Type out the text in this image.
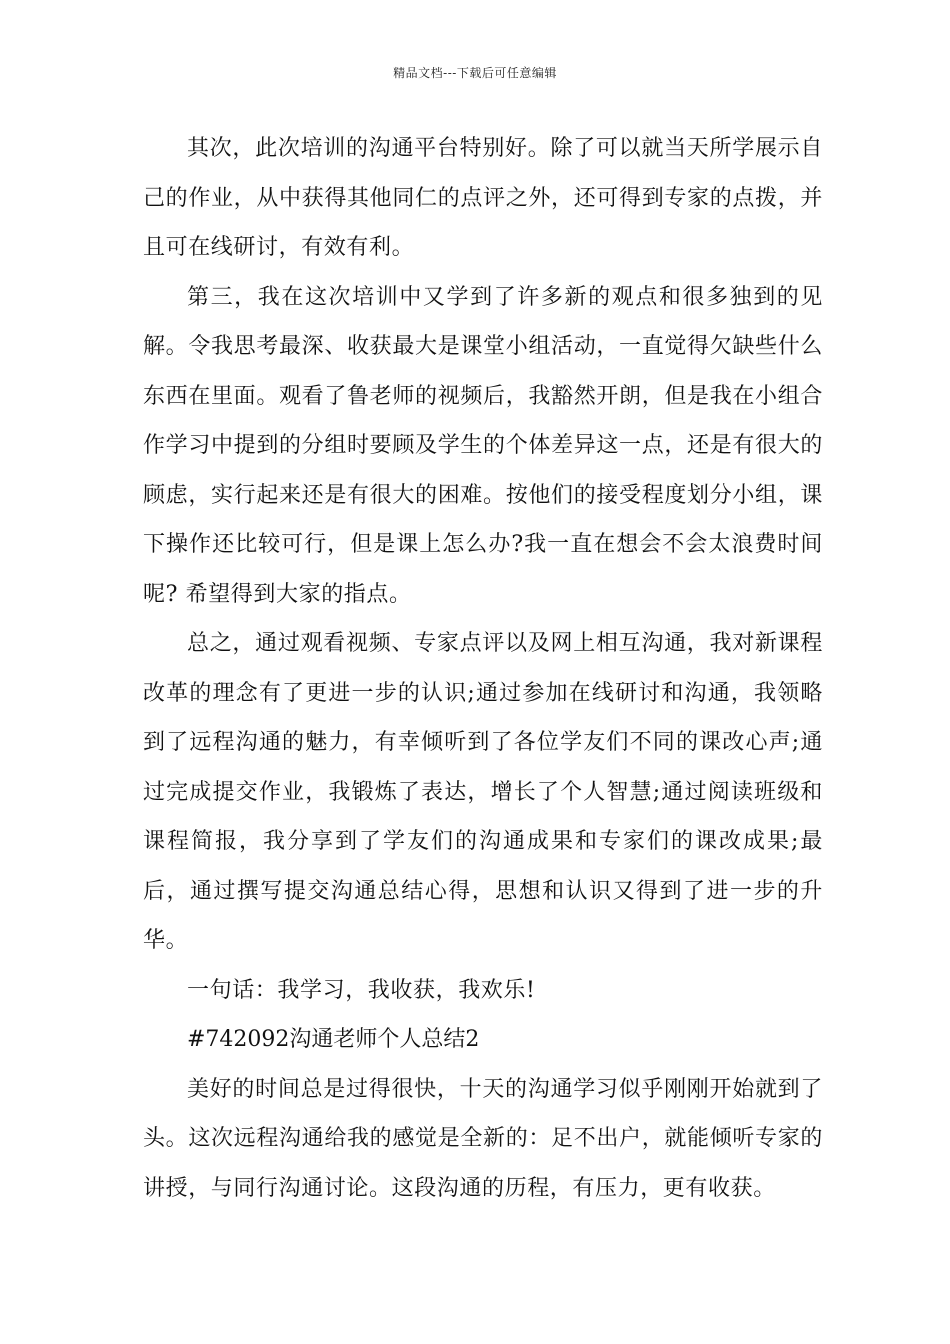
精品文档---下载后可任意编辑

其次，此次培训的沟通平台特别好。除了可以就当天所学展示自己的作业，从中获得其他同仁的点评之外，还可得到专家的点拨，并且可在线研讨，有效有利。

第三，我在这次培训中又学到了许多新的观点和很多独到的见解。令我思考最深、收获最大是课堂小组活动，一直觉得欠缺些什么东西在里面。观看了鲁老师的视频后，我豁然开朗，但是我在小组合作学习中提到的分组时要顾及学生的个体差异这一点，还是有很大的顾虑，实行起来还是有很大的困难。按他们的接受程度划分小组，课下操作还比较可行，但是课上怎么办?我一直在想会不会太浪费时间呢? 希望得到大家的指点。

总之，通过观看视频、专家点评以及网上相互沟通，我对新课程改革的理念有了更进一步的认识;通过参加在线研讨和沟通，我领略到了远程沟通的魅力，有幸倾听到了各位学友们不同的课改心声;通过完成提交作业，我锻炼了表达，增长了个人智慧;通过阅读班级和课程简报，我分享到了学友们的沟通成果和专家们的课改成果;最后，通过撰写提交沟通总结心得，思想和认识又得到了进一步的升华。

一句话：我学习，我收获，我欢乐!

#742092沟通老师个人总结2

美好的时间总是过得很快，十天的沟通学习似乎刚刚开始就到了头。这次远程沟通给我的感觉是全新的：足不出户，就能倾听专家的讲授，与同行沟通讨论。这段沟通的历程，有压力，更有收获。
